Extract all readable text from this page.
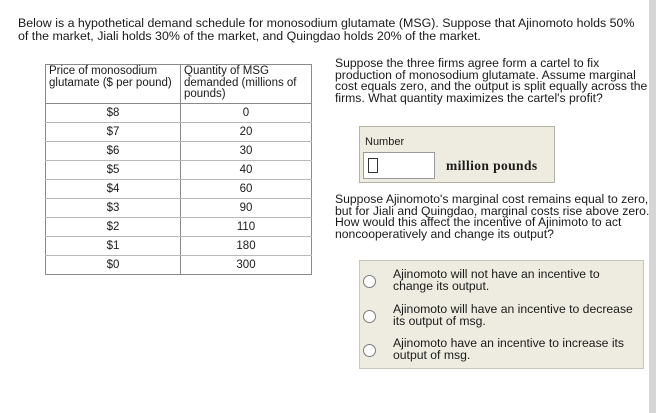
Below is a hypothetical demand schedule for monosodium glutamate (MSG). Suppose that Ajinomoto holds 50% of the market, Jiali holds 30% of the market, and Quingdao holds 20% of the market.

Price of monosodium glutamate ($ per pound)	Quantity of MSG demanded (millions of pounds)
$8	0
$7	20
$6	30
$5	40
$4	60
$3	90
$2	110
$1	180
$0	300

Suppose the three firms agree form a cartel to fix production of monosodium glutamate. Assume marginal cost equals zero, and the output is split equally across the firms. What quantity maximizes the cartel's profit?

Number
million pounds

Suppose Ajinomoto's marginal cost remains equal to zero, but for Jiali and Quingdao, marginal costs rise above zero. How would this affect the incentive of Ajinimoto to act noncooperatively and change its output?

Ajinomoto will not have an incentive to change its output.
Ajinomoto will have an incentive to decrease its output of msg.
Ajinomoto have an incentive to increase its output of msg.
